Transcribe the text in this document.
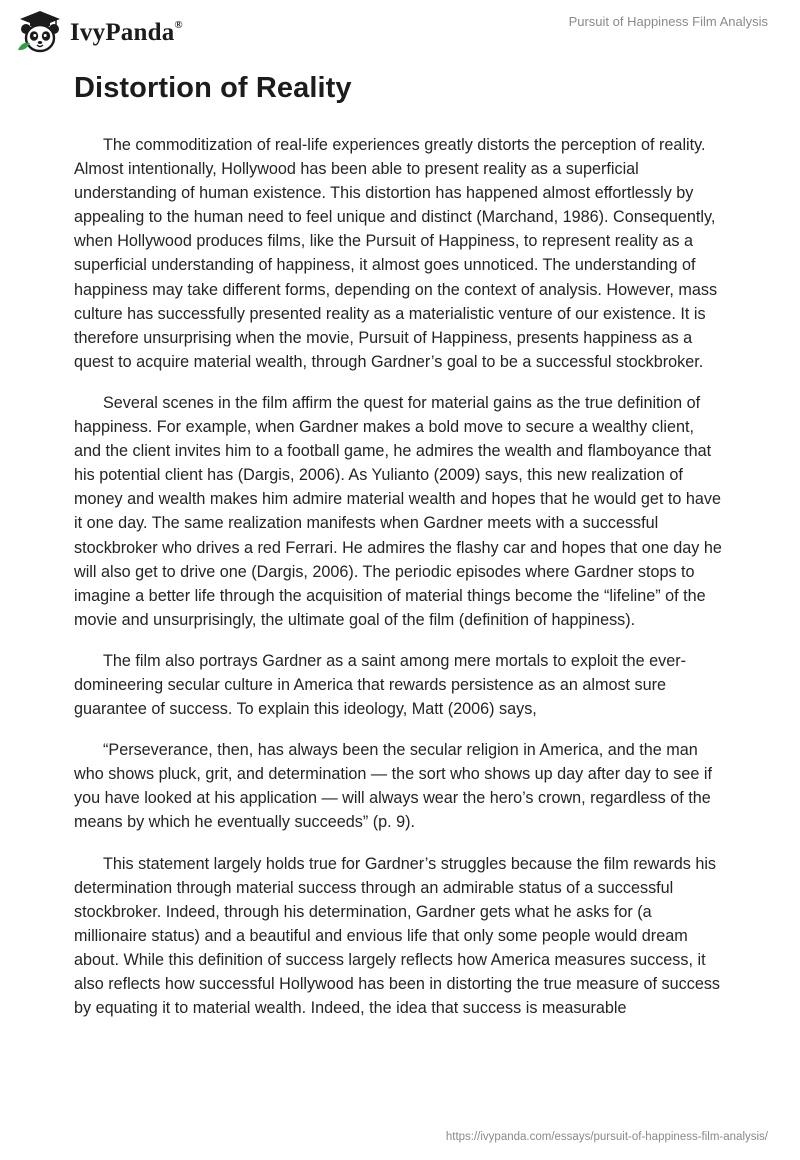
IvyPanda®	Pursuit of Happiness Film Analysis
Distortion of Reality

The commoditization of real-life experiences greatly distorts the perception of reality. Almost intentionally, Hollywood has been able to present reality as a superficial understanding of human existence. This distortion has happened almost effortlessly by appealing to the human need to feel unique and distinct (Marchand, 1986). Consequently, when Hollywood produces films, like the Pursuit of Happiness, to represent reality as a superficial understanding of happiness, it almost goes unnoticed. The understanding of happiness may take different forms, depending on the context of analysis. However, mass culture has successfully presented reality as a materialistic venture of our existence. It is therefore unsurprising when the movie, Pursuit of Happiness, presents happiness as a quest to acquire material wealth, through Gardner’s goal to be a successful stockbroker.

Several scenes in the film affirm the quest for material gains as the true definition of happiness. For example, when Gardner makes a bold move to secure a wealthy client, and the client invites him to a football game, he admires the wealth and flamboyance that his potential client has (Dargis, 2006). As Yulianto (2009) says, this new realization of money and wealth makes him admire material wealth and hopes that he would get to have it one day. The same realization manifests when Gardner meets with a successful stockbroker who drives a red Ferrari. He admires the flashy car and hopes that one day he will also get to drive one (Dargis, 2006). The periodic episodes where Gardner stops to imagine a better life through the acquisition of material things become the “lifeline” of the movie and unsurprisingly, the ultimate goal of the film (definition of happiness).

The film also portrays Gardner as a saint among mere mortals to exploit the ever-domineering secular culture in America that rewards persistence as an almost sure guarantee of success. To explain this ideology, Matt (2006) says,

“Perseverance, then, has always been the secular religion in America, and the man who shows pluck, grit, and determination — the sort who shows up day after day to see if you have looked at his application — will always wear the hero’s crown, regardless of the means by which he eventually succeeds” (p. 9).

This statement largely holds true for Gardner’s struggles because the film rewards his determination through material success through an admirable status of a successful stockbroker. Indeed, through his determination, Gardner gets what he asks for (a millionaire status) and a beautiful and envious life that only some people would dream about. While this definition of success largely reflects how America measures success, it also reflects how successful Hollywood has been in distorting the true measure of success by equating it to material wealth. Indeed, the idea that success is measurable

https://ivypanda.com/essays/pursuit-of-happiness-film-analysis/
